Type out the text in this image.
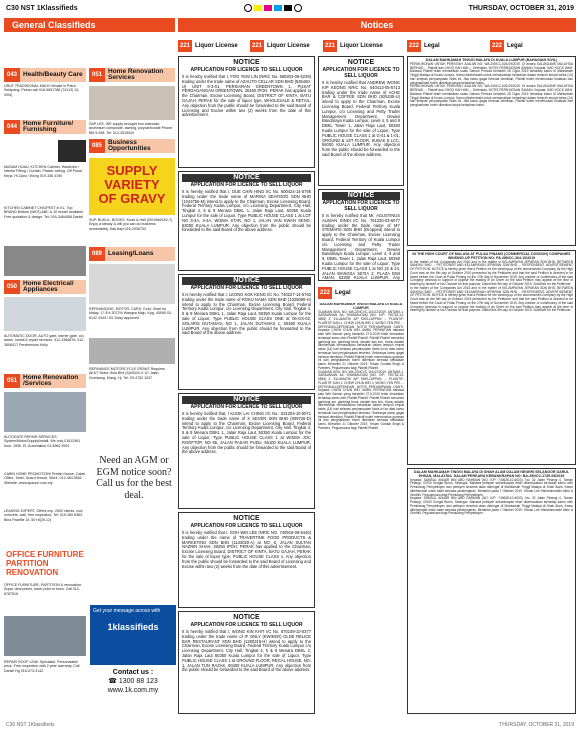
C30 NST 1Klassifieds	THURSDAY, OCTOBER 31, 2019
General Classifieds	Notices
043 Health/Beauty Care
URUT TRADISIONAL MALE/ female in Petra Setapang. Pesan call 016-9651788 (74113) 1/L 9/04)
044
Home Furniture/ Furnishing
MASAM HIJAU, KITCHEN Cabinet. Wardrobe / Interior Fitting / Curtain. Plaster ceiling. Off Pusat Kerja. Hi Zaini / Wong 019-336 4190
KITCHEN CABINET CHIGPEST in KL. Top BRAND Bottom (WKS) ABC & 10 model available. Free quotation & design. Tel: 016-3464088 Daniel
050
Home Electrical/ Appliances
AUTOMATIC DOOR, AUTO gate, barrier gate, c/o, alarm. Install & repair services. 012-3369876, 012-3608417 Persimmons Kelly
051
Home Renovation /Services
AUTOGATE REPAIR SERVICES System/Motor/Supply/install. We only 01612961 hour. 1996. EI. Automation 01-8962 5991
CABIN HOME PROMOTION! Prefab House, Cabin Office, Toilet, Guard House, Store. 012-464 5552 Website: www.sparsol.com.my
LEAKING EXPERT. Offers exp. 2500 clients, roof, concrete, wall, free inspection. Tel: 019-360 6383 Bina Paarfile 1/L 50 Hi(25-12)
OFFICE FURNITURE
PARTITION
RENOVATION
OFFICE FURNITURE, PARTITION & renovation. Super deal prices, lower price in town. Call 012-6787516
REPAIR ROOF LEAK Specialist. Personalable price. Free inspection with 2 year warranty. Call Daniel Hg 016-073-3142.
051
Home Renovation Services
SAP LEE, WE supply wrought iron staircase, aluminium composite, awning, polycarbonate Phone BM 5.398. Tel: 012-2515020
085
Business Opportunities
SUPPLY
VARIETY
OF GRAVY
SUP. BUKUL, BOOKS. Kuad & Hall (0019660162-7). Enjoy a steady & will you can do business immediately. Kak.bayi 016-2936753
089 Leasing/Loans
REFINANCING, MOTOR, CARS, Gold, Shari for Malay. 1? 3% 3072% Wangsa Maju. Kpg. 40095 03-6142 4344 / 53. Easy approved
REFINANCE MOTORCYCLE GRANT Requires AKUT Motor Sola Bhd (5)49324-V. 6? Jalan Gombang, Klang. Hj. Tel: 03-4752 1037
Need an AGM or EGM notice soon? Call us for the best deal.
Get your message across with
1klassifieds
Contact us :
☎ 1300 88 123
www.1k.com.my
221 Liquor License	221 Liquor License	221 Liquor License	222 Legal	222 Legal
NOTICE
APPLICATION FOR LICENCE TO SELL LIQUOR

It is hereby notified that I, FOO YEW LIN (NRIC No. 690303-08-5239) trading under the trade name of AZAUTO CELLAR SDN BHD (536460-U) UNIT 8-3-01, PERSIARAN GREENTOWN 1, PUSAT PERDAGANGAN GREENTOWN, 30450 IPOH, PERAK has applied to the Chairman, Excise Licensing Board, DISTRICT OF KINTA, BATU GAJAH, PERAK for the sale of liquor type, WHOLESALE & RETAIL. Any objection from the public should be forwarded to the said Board of Licensing and Excise within two (2) weeks from the date of this advertisement.

NOTICE
APPLICATION FOR LICENCE TO SELL LIQUOR

It is hereby notified that I, DUE CHIN HING I/C No. 600424-14-5795 trading under the trade name of MARINA SEAFOOD SDN BHD (1043756-M) intend to apply to the Chairman, Excise Licensing Board, Federal Territory Kuala Lumpur, c/o Licensing Department, City Hall, Tingkat 4, 5 & 9 Menara DBKL 1, Jalan Raja Laut, 50350 Kuala Lumpur for the sale of Liquor, Type PUBLIC HOUSE CLASS 1 at LOT NO 3-3A, 3-4A, WISMA STAR, NO 1, JALAN VAN KWAN SENG, 53000 KUALA LUMPUR. Any objection from the public should be forwarded to the said Board of the above address.

NOTICE
APPLICATION FOR LICENCE TO SELL LIQUOR

It is hereby notified that I, LEONG KOK KENG I/C No. 740227-14-5763 trading under the trade name of ROKU NAMA SDN BHD (1028090-H) intend to apply to the Chairman, Excise Licensing Board, Federal Territory Kuala Lumpur, c/o Licensing Department, City Hall, Tingkat 4, 5 & 9 Menara DBKL 1, Jalan Raja Laut, 50350 Kuala Lumpur for the sale of Liquor, Type PUBLIC HOUSE CLASS ONE at 06-GS-02, SOLARIS DUTAMAS, NO 1, JALAN DUTAMAS 1, 50480 KUALA LUMPUR. Any objection from the public should be forwarded to the said Board of the above address.

NOTICE
APPLICATION FOR LICENCE TO SELL LIQUOR

It is hereby notified that, I KUOK LAI CHING I/C No.: 531204-10-5071 trading under the trade name of X SEVEN SDN BHD (939726-D) intend to apply to the Chairman, Excise Licensing Board, Federal Territory Kuala Lumpur, c/o Licensing Department, City Hall, Tingkat 4, 5 & 9 Menara DBKL 1, Jalan Raja Laut, 50350 Kuala Lumpur for the sale of Liquor, Type PUBLIC HOUSE CLASS 1 at WISMA JOC ROOFTOP, NO 86, JALAN PASAR PUDU, 55100 KUALA LUMPUR. Any objection from the public should be forwarded to the said Board of the above address.

NOTICE
APPLICATION FOR LICENCE TO SELL LIQUOR

It is hereby notified that I, GOH WEI LEE (NRIC NO. 740916-08-5446) trading under the name of TRAVERTINE FOOD PRODUCTS & MARKETING SDN BHD (1133020-A) at NO. 8, JALAN SULTAN NAZRIN SHAH, 30250 IPOH, PERAK has applied to the Chairman, Excise Licensing Board, DISTRICT OF KINTA, BATU GAJAH, PERAK for the sale of liquor type, PUBLIC HOUSE CLASS 1. Any objection from the public should be forwarded to the said Board of Licensing and Excise within two (2) weeks from the date of this advertisement.

NOTICE
APPLICATION FOR LICENCE TO SELL LIQUOR

It is hereby notified that I, WONG KIN KHIT I/C No. 870109-10-5377 trading under the trade name of IF ONLY (KWIKER) OLDE RELICE BAR RESTAURANT SDN BHD (1280318-H) intend to apply to the Chairman, Excise Licensing Board, Federal Territory Kuala Lumpur c/o Licensing Department, City Hall, Tingkat 4, 5 & 9 Menara DBKL 2, Jalan Raja Laut 50350 Kuala Lumpur for the sale of Liquor, Type PUBLIC HOUSE CLASS 1 at GROUND FLOOR, REGAL HOUSE, NO. 1, JALAN TUN RAZAK, 50400 KUALA LUMPUR. Any objection from the public should be forwarded to the said Board of the above address.

NOTICE
APPLICATION FOR LICENCE TO SELL LIQUOR

It is hereby notified that ANDREW WONG KIP KEONG NRIC No. 640413-05-5713 trading under the trade name of ACHE BAR & COFFEE SDN BHD (925245-U) intend to apply to the Chairman, Excise Licensing Board, Federal Territory Kuala Lumpur, c/o Licensing and Petty Trader Management Department, Dewan Bandaraya Kuala Lumpur, Level 4, 5 and 9 DBKL Tower 1, Jalan Raja Laut, 50350 Kuala Lumpur for the sale of Liquor, Type PUBLIC HOUSE CLASS 1 at G-01 & 1-01, GROUND & 1ST FLOOR, SUBAK 8 LCC, 56000 KUALA LUMPUR. Any objection from the public should be forwarded to the said Board of the above address.

NOTICE
APPLICATION FOR LICENCE TO SELL LIQUOR

It is hereby notified that Mr. AGUSTINUS ALIMAN SINDI I/C No. 761230-03-6077 trading under the trade name of MY STEMARS SDN BHD (Dropped) intend to apply to the Chairman, Excise Licensing Board, Federal Territory of Kuala Lumpur c/o Licensing and Petty Trader Management Department, Dewan Bandaraya Kuala Lumpur, Level 4, 5 and 9, DBKL Tower 1, Jalan Raja Laut, 50350 Kuala Lumpur for the sale of Liquor, Type PUBLIC HOUSE CLASS 1 at NO 22 & 24, JALAN WANGSA SETIA 2, PLAZA DWI AMAN, 53300 KUALA LUMPUR. Any

222 Legal
DALAM MAHKAMAH TINGGI MALAYA DI KUALA LUMPUR

GUAMAN SIVIL NO: WA-22NCVC-116-02/2019. ANTARA 1. SARAVANAN A/L SHANMUGAM (NO. K/P: 790718-14-5555) 2. ELLAMATHI A/P SHELLAPPAN ... PLAINTIF-PLAINTIF DAN 1. CHEW CHUN WEI 2. WONG YEN PEE ... DEFENDAN-DEFENDAN. NOTIS PENYAMPAIAN GANTI. Kepada: CHEW CHUN WEI. AMBIL PERHATIAN bahawa satu Writ Saman yang bertarikh 27.5.2019 telah dimulakan terhadap kamu oleh Plaintif-Plaintif. Plaintif-Plaintif menuntut gantirugi am, gantirugi teruk, faedah dan kos. Kamu adalah dikehendaki memasukkan kehadiran dalam tempoh empat belas (14) hari selepas penyampaian Notis ini ke atas kamu termasuk hari penyampaian tersebut. Sekiranya kamu gagal berbuat demikian, Plaintif-Plaintif boleh meneruskan guaman ini dan penghakiman boleh diberikan semasa ketiadaan kamu. Bertarikh 21 Oktober 2019. Tetuan Gurdial Singh & Partners, Peguamcara bagi Plaintif-Plaintif.

GUAMAN SIVIL NO: WA-22NCVC-116-02/2019. ANTARA 1. SARAVANAN A/L SHANMUGAM (NO. K/P: 790718-14-5555) 2. ELLAMATHI A/P SHELLAPPAN ... PLAINTIF-PLAINTIF DAN 1. CHEW CHUN WEI 2. WONG YEN PEE ... DEFENDAN-DEFENDAN. NOTIS PENYAMPAIAN GANTI. Kepada: CHEW CHUN WEI. AMBIL PERHATIAN bahawa satu Writ Saman yang bertarikh 27.5.2019 telah dimulakan terhadap kamu oleh Plaintif-Plaintif. Plaintif-Plaintif menuntut gantirugi am, gantirugi teruk, faedah dan kos. Kamu adalah dikehendaki memasukkan kehadiran dalam tempoh empat belas (14) hari selepas penyampaian Notis ini ke atas kamu termasuk hari penyampaian tersebut. Sekiranya kamu gagal berbuat demikian, Plaintif-Plaintif boleh meneruskan guaman ini dan penghakiman boleh diberikan semasa ketiadaan kamu. Bertarikh 21 Oktober 2019. Tetuan Gurdial Singh & Partners, Peguamcara bagi Plaintif-Plaintif.

DALAM MAHKAMAH TINGGI MALAYA DI KUALA LUMPUR (BAHAGIAN SIVIL)

PERMOHONAN UNTUK PERINTAH JUALAN NO: WA-24NCC-626-09/2019. Di antara SALVAGAME MALAYSIA BERHAD ... Plaintif dan CHOO KAH WAI ... Defendan. NOTIS PERNYATAAN SAMAN. Kepada: SAD HOCK WAH. Bahawa Plaintif telah memfailkan suatu Saman Pemula bertarikh 28 Ogos 2019 terhadap kamu di Mahkamah Tinggi Malaya di Kuala Lumpur. Kamu dikehendaki untuk memasukkan kehadiran dalam tempoh empat belas (14) hari selepas penyampaian Notis ini. Jika kamu gagal berbuat demikian, Plaintif boleh meneruskan tindakan dan penghakiman boleh diberikan tanpa kehadiran kamu.

PERMOHONAN UNTUK PERINTAH JUALAN NO: WA-24NCC-626-09/2019. Di antara SALVAGAME MALAYSIA BERHAD ... Plaintif dan CHOO KAH WAI ... Defendan. NOTIS PERNYATAAN SAMAN. Kepada: SAD HOCK WAH. Bahawa Plaintif telah memfailkan suatu Saman Pemula bertarikh 28 Ogos 2019 terhadap kamu di Mahkamah Tinggi Malaya di Kuala Lumpur. Kamu dikehendaki untuk memasukkan kehadiran dalam tempoh empat belas (14) hari selepas penyampaian Notis ini. Jika kamu gagal berbuat demikian, Plaintif boleh meneruskan tindakan dan penghakiman boleh diberikan tanpa kehadiran kamu.

IN THE HIGH COURT OF MALAYA AT PULAU PINANG (COMMERCIAL DIVISION) COMPANIES WINDING-UP PETITION NO: PA-28NCC-364-10/2019

In the matter of the Companies Act 2016 and in the matter of KELAMPAYAN JEPARAN SDN BHD. BETWEEN SANGKU BHD ... PETITIONER AND KELAMPAYAN JEPARAN SDN BHD ... RESPONDENT. ADVERTISEMENT OF PETITION. NOTICE is hereby given that a Petition for the winding-up of the abovenamed Company by the High Court was on the 8th day of October 2019 presented by the Petitioner and that the said Petition is directed to be heard before the Court at Pulau Pinang on the 27th day of November 2019. Any creditor or contributory of the said Company desirous to support or oppose the making of an Order on the said Petition may appear at the time of hearing by himself or his Counsel for that purpose. Dated this 9th day of October 2019. Solicitors for the Petitioner.

In the matter of the Companies Act 2016 and in the matter of KELAMPAYAN JEPARAN SDN BHD. BETWEEN SANGKU BHD ... PETITIONER AND KELAMPAYAN JEPARAN SDN BHD ... RESPONDENT. ADVERTISEMENT OF PETITION. NOTICE is hereby given that a Petition for the winding-up of the abovenamed Company by the High Court was on the 8th day of October 2019 presented by the Petitioner and that the said Petition is directed to be heard before the Court at Pulau Pinang on the 27th day of November 2019. Any creditor or contributory of the said Company desirous to support or oppose the making of an Order on the said Petition may appear at the time of hearing by himself or his Counsel for that purpose. Dated this 9th day of October 2019. Solicitors for the Petitioner.

DALAM MAHKAMAH TINGGI MALAYA DI SHAH ALAM DALAM NEGERI SELANGOR DARUL EHSAN, MALAYSIA. DALAM PERKARA KEBANKRAPAN NO: BA-29NCC-1735-09/2019

Kepada: SAMSUL ANUAR BIN ABD RAHMAN (NO. K/P: 740628-10-6003), No. 32 Jalan Pelangi 4, Taman Pelangi, 47000 Sungai Buloh, Selangor. Bahawa petisyen kebankrapan telah dikemukakan terhadap kamu oleh Pemiutang Pempetisyen dan petisyen tersebut akan didengar di Mahkamah Tinggi Malaya di Shah Alam. Kamu dikehendaki untuk hadir semasa pendengaran. Bertarikh pada 7 Oktober 2019. Tetuan Lee Hishammuddin Allen & Gledhill, Peguamcara bagi Pemiutang Pempetisyen.

Kepada: SAMSUL ANUAR BIN ABD RAHMAN (NO. K/P: 740628-10-6003), No. 32 Jalan Pelangi 4, Taman Pelangi, 47000 Sungai Buloh, Selangor. Bahawa petisyen kebankrapan telah dikemukakan terhadap kamu oleh Pemiutang Pempetisyen dan petisyen tersebut akan didengar di Mahkamah Tinggi Malaya di Shah Alam. Kamu dikehendaki untuk hadir semasa pendengaran. Bertarikh pada 7 Oktober 2019. Tetuan Lee Hishammuddin Allen & Gledhill, Peguamcara bagi Pemiutang Pempetisyen.

C30 NST 1Klassifieds	THURSDAY, OCTOBER 31, 2019
